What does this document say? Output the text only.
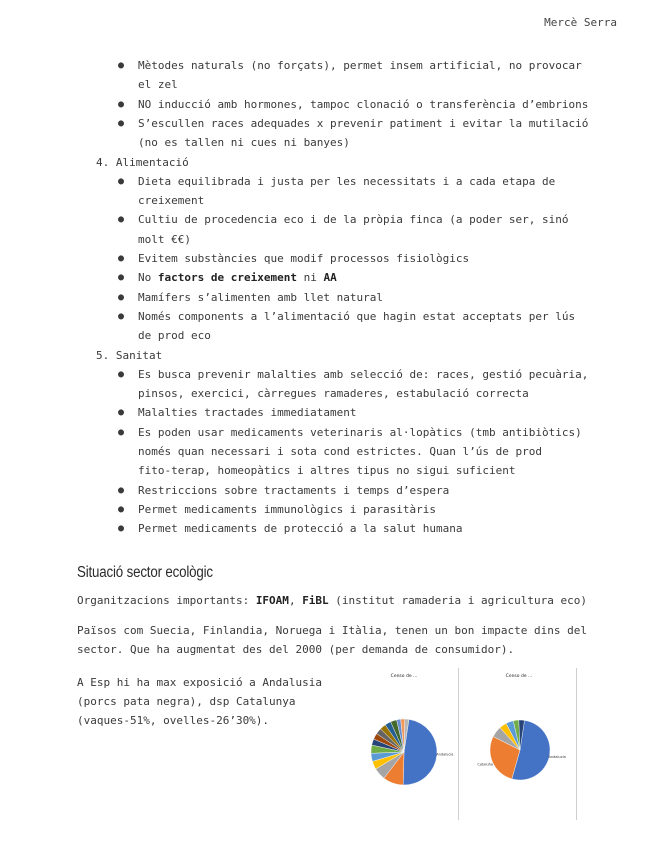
Mercè Serra
● Mètodes naturals (no forçats), permet insem artificial, no provocar
el zel
● NO inducció amb hormones, tampoc clonació o transferència d’embrions
● S’escullen races adequades x prevenir patiment i evitar la mutilació
(no es tallen ni cues ni banyes)
4. Alimentació
● Dieta equilibrada i justa per les necessitats i a cada etapa de
creixement
● Cultiu de procedencia eco i de la pròpia finca (a poder ser, sinó
molt €€)
● Evitem substàncies que modif processos fisiològics
● No factors de creixement ni AA
● Mamífers s’alimenten amb llet natural
● Només components a l’alimentació que hagin estat acceptats per lús
de prod eco
5. Sanitat
● Es busca prevenir malalties amb selecció de: races, gestió pecuària,
pinsos, exercici, càrregues ramaderes, estabulació correcta
● Malalties tractades immediatament
● Es poden usar medicaments veterinaris al·lopàtics (tmb antibiòtics)
només quan necessari i sota cond estrictes. Quan l’ús de prod
fito-terap, homeopàtics i altres tipus no sigui suficient
● Restriccions sobre tractaments i temps d’espera
● Permet medicaments immunològics i parasitàris
● Permet medicaments de protecció a la salut humana
Situació sector ecològic
Organitzacions importants: IFOAM, FiBL (institut ramaderia i agricultura eco)
Països com Suecia, Finlandia, Noruega i Itàlia, tenen un bon impacte dins del
sector. Que ha augmentat des del 2000 (per demanda de consumidor).
A Esp hi ha max exposició a Andalusia
(porcs pata negra), dsp Catalunya
(vaques-51%, ovelles-26’30%).
Censo de ...
Andalucía
Censo de ...
Andalucía
Cataluña
